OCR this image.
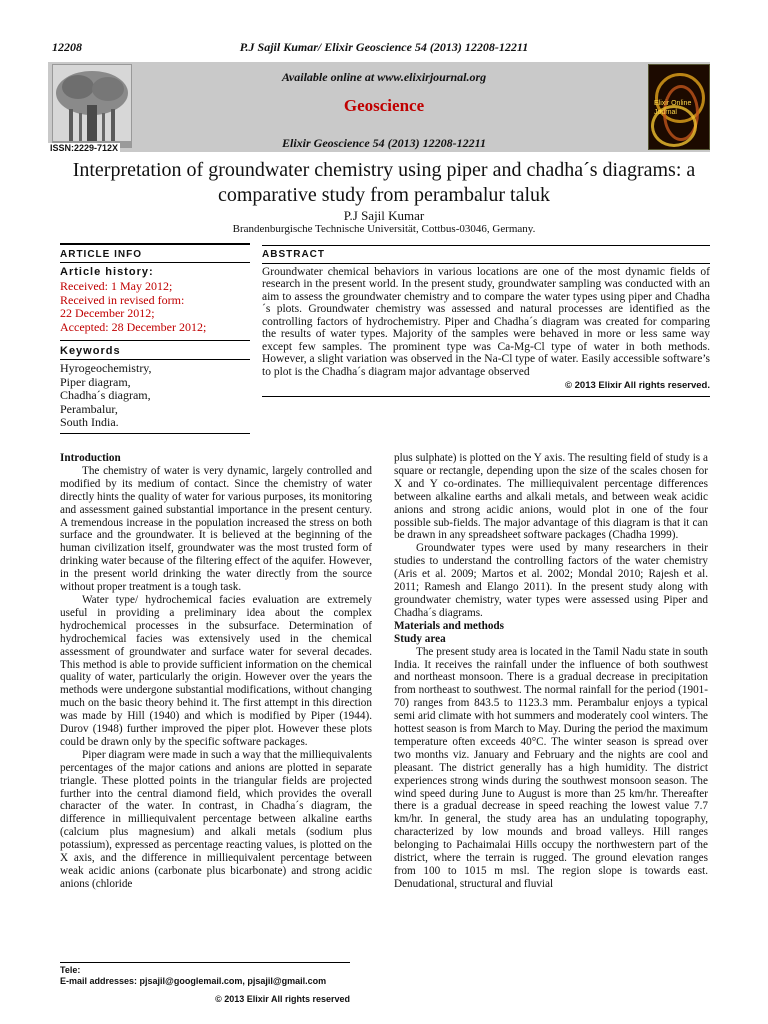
12208	P.J Sajil Kumar/ Elixir Geoscience 54 (2013) 12208-12211
ISSN:2229-712X
Elixir Online Journal
Available online at www.elixirjournal.org
Geoscience
Elixir Geoscience 54 (2013) 12208-12211
Interpretation of groundwater chemistry using piper and chadha´s diagrams: a comparative study from perambalur taluk
P.J Sajil Kumar
Brandenburgische Technische Universität, Cottbus-03046, Germany.
ARTICLE INFO
Article history:
Received: 1 May 2012;
Received in revised form:
22 December 2012;
Accepted: 28 December 2012;
Keywords
Hyrogeochemistry,
Piper diagram,
Chadha´s diagram,
Perambalur,
South India.
ABSTRACT
Groundwater chemical behaviors in various locations are one of the most dynamic fields of research in the present world. In the present study, groundwater sampling was conducted with an aim to assess the groundwater chemistry and to compare the water types using piper and Chadha´s plots. Groundwater chemistry was assessed and natural processes are identified as the controlling factors of hydrochemistry. Piper and Chadha´s diagram was created for comparing the results of water types. Majority of the samples were behaved in more or less same way except few samples. The prominent type was Ca-Mg-Cl type of water in both methods. However, a slight variation was observed in the Na-Cl type of water. Easily accessible software’s to plot is the Chadha´s diagram major advantage observed
© 2013 Elixir All rights reserved.

Introduction

The chemistry of water is very dynamic, largely controlled and modified by its medium of contact. Since the chemistry of water directly hints the quality of water for various purposes, its monitoring and assessment gained substantial importance in the present century. A tremendous increase in the population increased the stress on both surface and the groundwater. It is believed at the beginning of the human civilization itself, groundwater was the most trusted form of drinking water because of the filtering effect of the aquifer. However, in the present world drinking the water directly from the source without proper treatment is a tough task.

Water type/ hydrochemical facies evaluation are extremely useful in providing a preliminary idea about the complex hydrochemical processes in the subsurface. Determination of hydrochemical facies was extensively used in the chemical assessment of groundwater and surface water for several decades. This method is able to provide sufficient information on the chemical quality of water, particularly the origin. However over the years the methods were undergone substantial modifications, without changing much on the basic theory behind it. The first attempt in this direction was made by Hill (1940) and which is modified by Piper (1944). Durov (1948) further improved the piper plot. However these plots could be drawn only by the specific software packages.

Piper diagram were made in such a way that the milliequivalents percentages of the major cations and anions are plotted in separate triangle. These plotted points in the triangular fields are projected further into the central diamond field, which provides the overall character of the water. In contrast, in Chadha´s diagram, the difference in milliequivalent percentage between alkaline earths (calcium plus magnesium) and alkali metals (sodium plus potassium), expressed as percentage reacting values, is plotted on the X axis, and the difference in milliequivalent percentage between weak acidic anions (carbonate plus bicarbonate) and strong acidic anions (chloride

plus sulphate) is plotted on the Y axis. The resulting field of study is a square or rectangle, depending upon the size of the scales chosen for X and Y co-ordinates. The milliequivalent percentage differences between alkaline earths and alkali metals, and between weak acidic anions and strong acidic anions, would plot in one of the four possible sub-fields. The major advantage of this diagram is that it can be drawn in any spreadsheet software packages (Chadha 1999).

Groundwater types were used by many researchers in their studies to understand the controlling factors of the water chemistry (Aris et al. 2009; Martos et al. 2002; Mondal 2010; Rajesh et al. 2011; Ramesh and Elango 2011). In the present study along with groundwater chemistry, water types were assessed using Piper and Chadha´s diagrams.

Materials and methods

Study area

The present study area is located in the Tamil Nadu state in south India. It receives the rainfall under the influence of both southwest and northeast monsoon. There is a gradual decrease in precipitation from northeast to southwest. The normal rainfall for the period (1901-70) ranges from 843.5 to 1123.3 mm. Perambalur enjoys a typical semi arid climate with hot summers and moderately cool winters. The hottest season is from March to May. During the period the maximum temperature often exceeds 40°C. The winter season is spread over two months viz. January and February and the nights are cool and pleasant. The district generally has a high humidity. The district experiences strong winds during the southwest monsoon season. The wind speed during June to August is more than 25 km/hr. Thereafter there is a gradual decrease in speed reaching the lowest value 7.7 km/hr. In general, the study area has an undulating topography, characterized by low mounds and broad valleys. Hill ranges belonging to Pachaimalai Hills occupy the northwestern part of the district, where the terrain is rugged. The ground elevation ranges from 100 to 1015 m msl. The region slope is towards east. Denudational, structural and fluvial

Tele:
E-mail addresses: pjsajil@googlemail.com, pjsajil@gmail.com
© 2013 Elixir All rights reserved
